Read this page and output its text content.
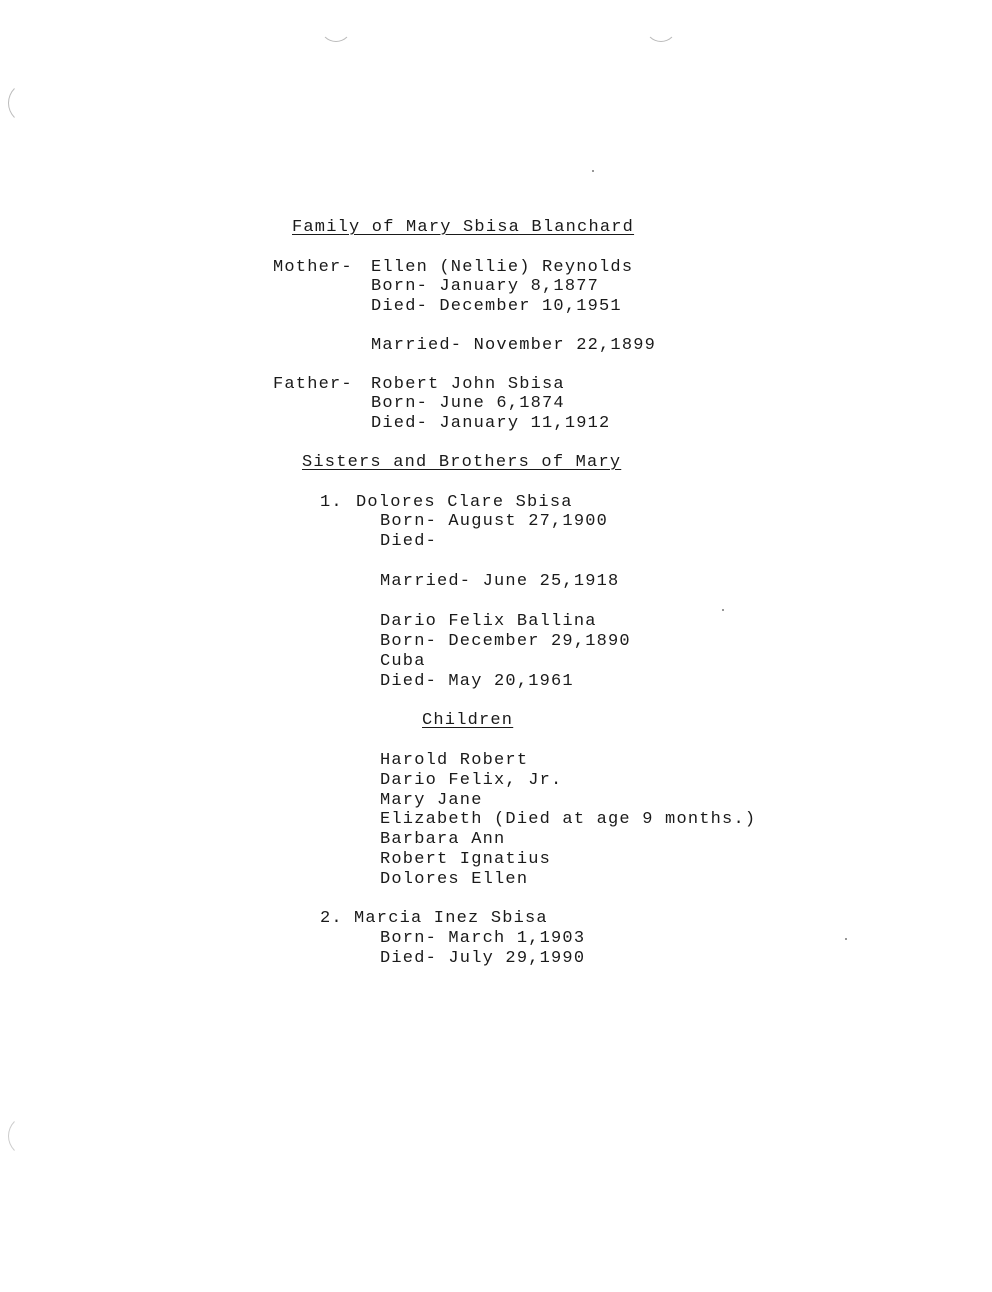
Family of Mary Sbisa Blanchard
Mother- Ellen (Nellie) Reynolds
Born- January 8,1877
Died- December 10,1951
Married- November 22,1899
Father- Robert John Sbisa
Born- June 6,1874
Died- January 11,1912
Sisters and Brothers of Mary
1. Dolores Clare Sbisa
Born- August 27,1900
Died-
Married- June 25,1918
Dario Felix Ballina
Born- December 29,1890
Cuba
Died- May 20,1961
Children
Harold Robert
Dario Felix, Jr.
Mary Jane
Elizabeth (Died at age 9 months.)
Barbara Ann
Robert Ignatius
Dolores Ellen
2. Marcia Inez Sbisa
Born- March 1,1903
Died- July 29,1990
